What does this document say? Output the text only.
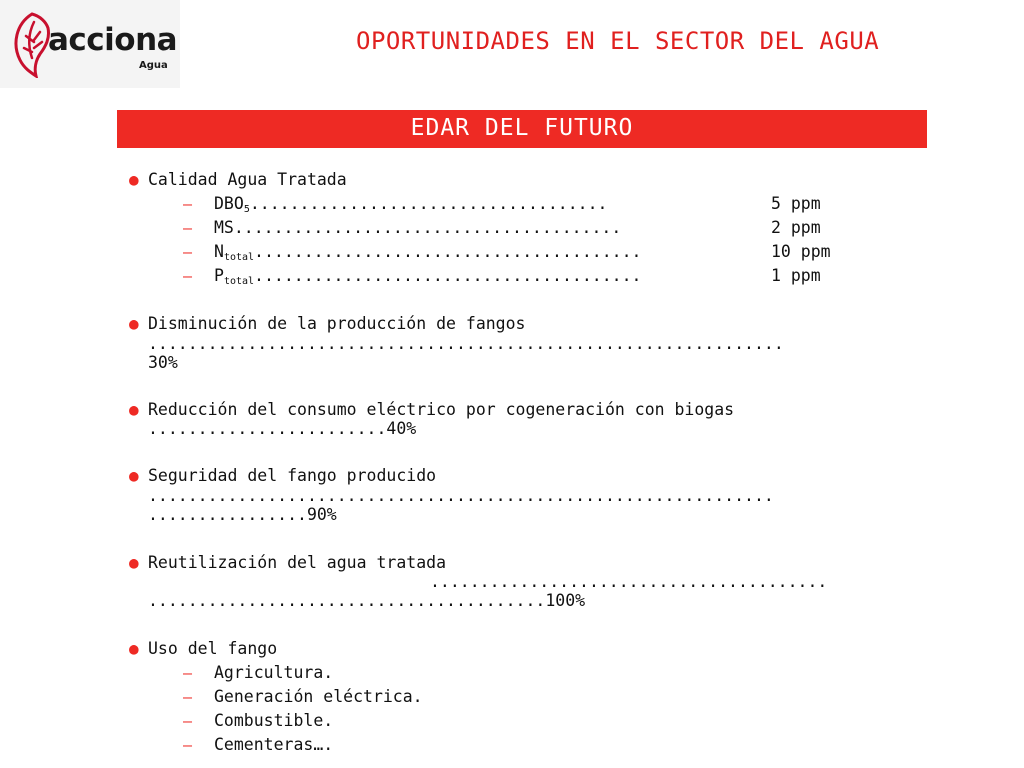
acciona
Agua
OPORTUNIDADES EN EL SECTOR DEL AGUA
EDAR DEL FUTURO
● Calidad Agua Tratada
– $DBO_5$....................................	5 ppm
– MS.......................................	2 ppm
– $N_{total}$.......................................	10 ppm
– $P_{total}$.......................................	1 ppm
● Disminución de la producción de fangos
................................................................
30%
● Reducción del consumo eléctrico por cogeneración con biogas
........................40%
● Seguridad del fango producido
...............................................................
................90%
● Reutilización del agua tratada
........................................
........................................100%
● Uso del fango
– Agricultura.
– Generación eléctrica.
– Combustible.
– Cementeras….
